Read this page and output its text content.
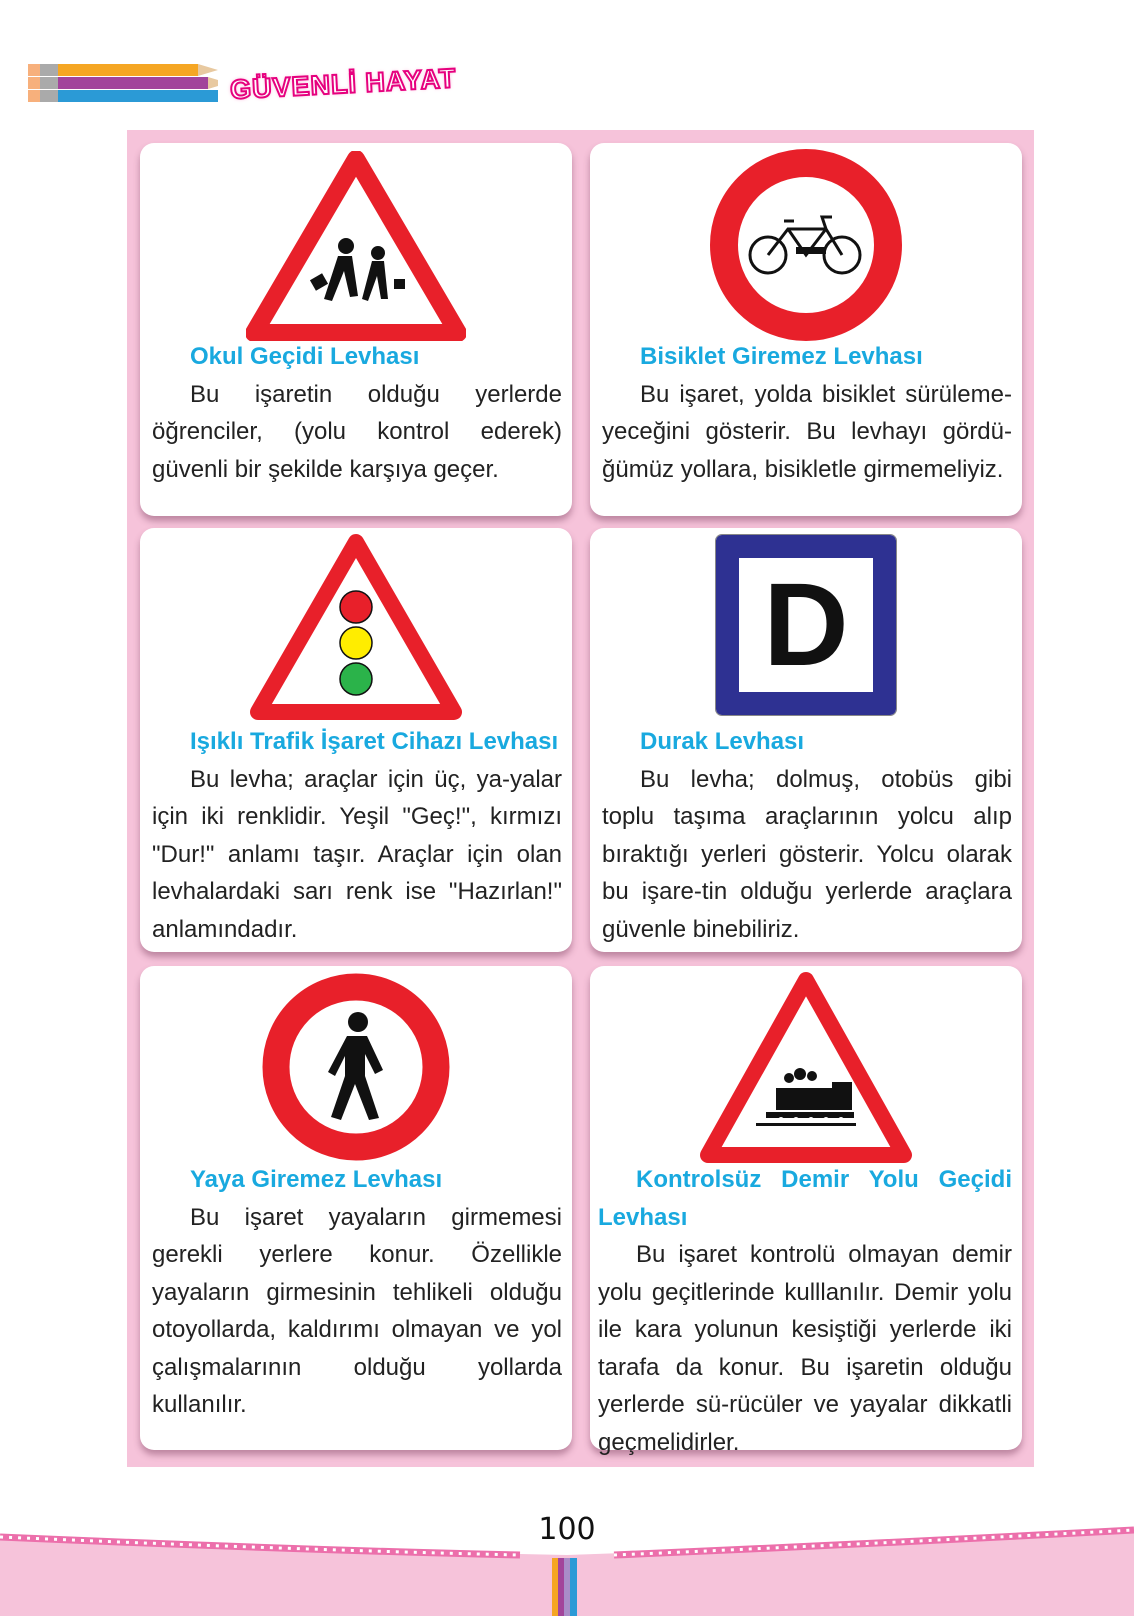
GÜVENLİ HAYAT
Okul Geçidi Levhası
Bu işaretin olduğu yerlerde öğrenciler, (yolu kontrol ederek) güvenli bir şekilde karşıya geçer.
Bisiklet Giremez Levhası
Bu işaret, yolda bisiklet sürüleme-yeceğini gösterir. Bu levhayı gördü-ğümüz yollara, bisikletle girmemeliyiz.
Işıklı Trafik İşaret Cihazı Levhası
Bu levha; araçlar için üç, ya-yalar için iki renklidir. Yeşil "Geç!", kırmızı "Dur!" anlamı taşır. Araçlar için olan levhalardaki sarı renk ise "Hazırlan!" anlamındadır.
D
Durak Levhası
Bu levha; dolmuş, otobüs gibi toplu taşıma araçlarının yolcu alıp bıraktığı yerleri gösterir. Yolcu olarak bu işare-tin olduğu yerlerde araçlara güvenle binebiliriz.
Yaya Giremez Levhası
Bu işaret yayaların girmemesi gerekli yerlere konur. Özellikle yayaların girmesinin tehlikeli olduğu otoyollarda, kaldırımı olmayan ve yol çalışmalarının olduğu yollarda kullanılır.
Kontrolsüz Demir Yolu Geçidi Levhası
Bu işaret kontrolü olmayan demir yolu geçitlerinde kulllanılır. Demir yolu ile kara yolunun kesiştiği yerlerde iki tarafa da konur. Bu işaretin olduğu yerlerde sü-rücüler ve yayalar dikkatli geçmelidirler.
100
